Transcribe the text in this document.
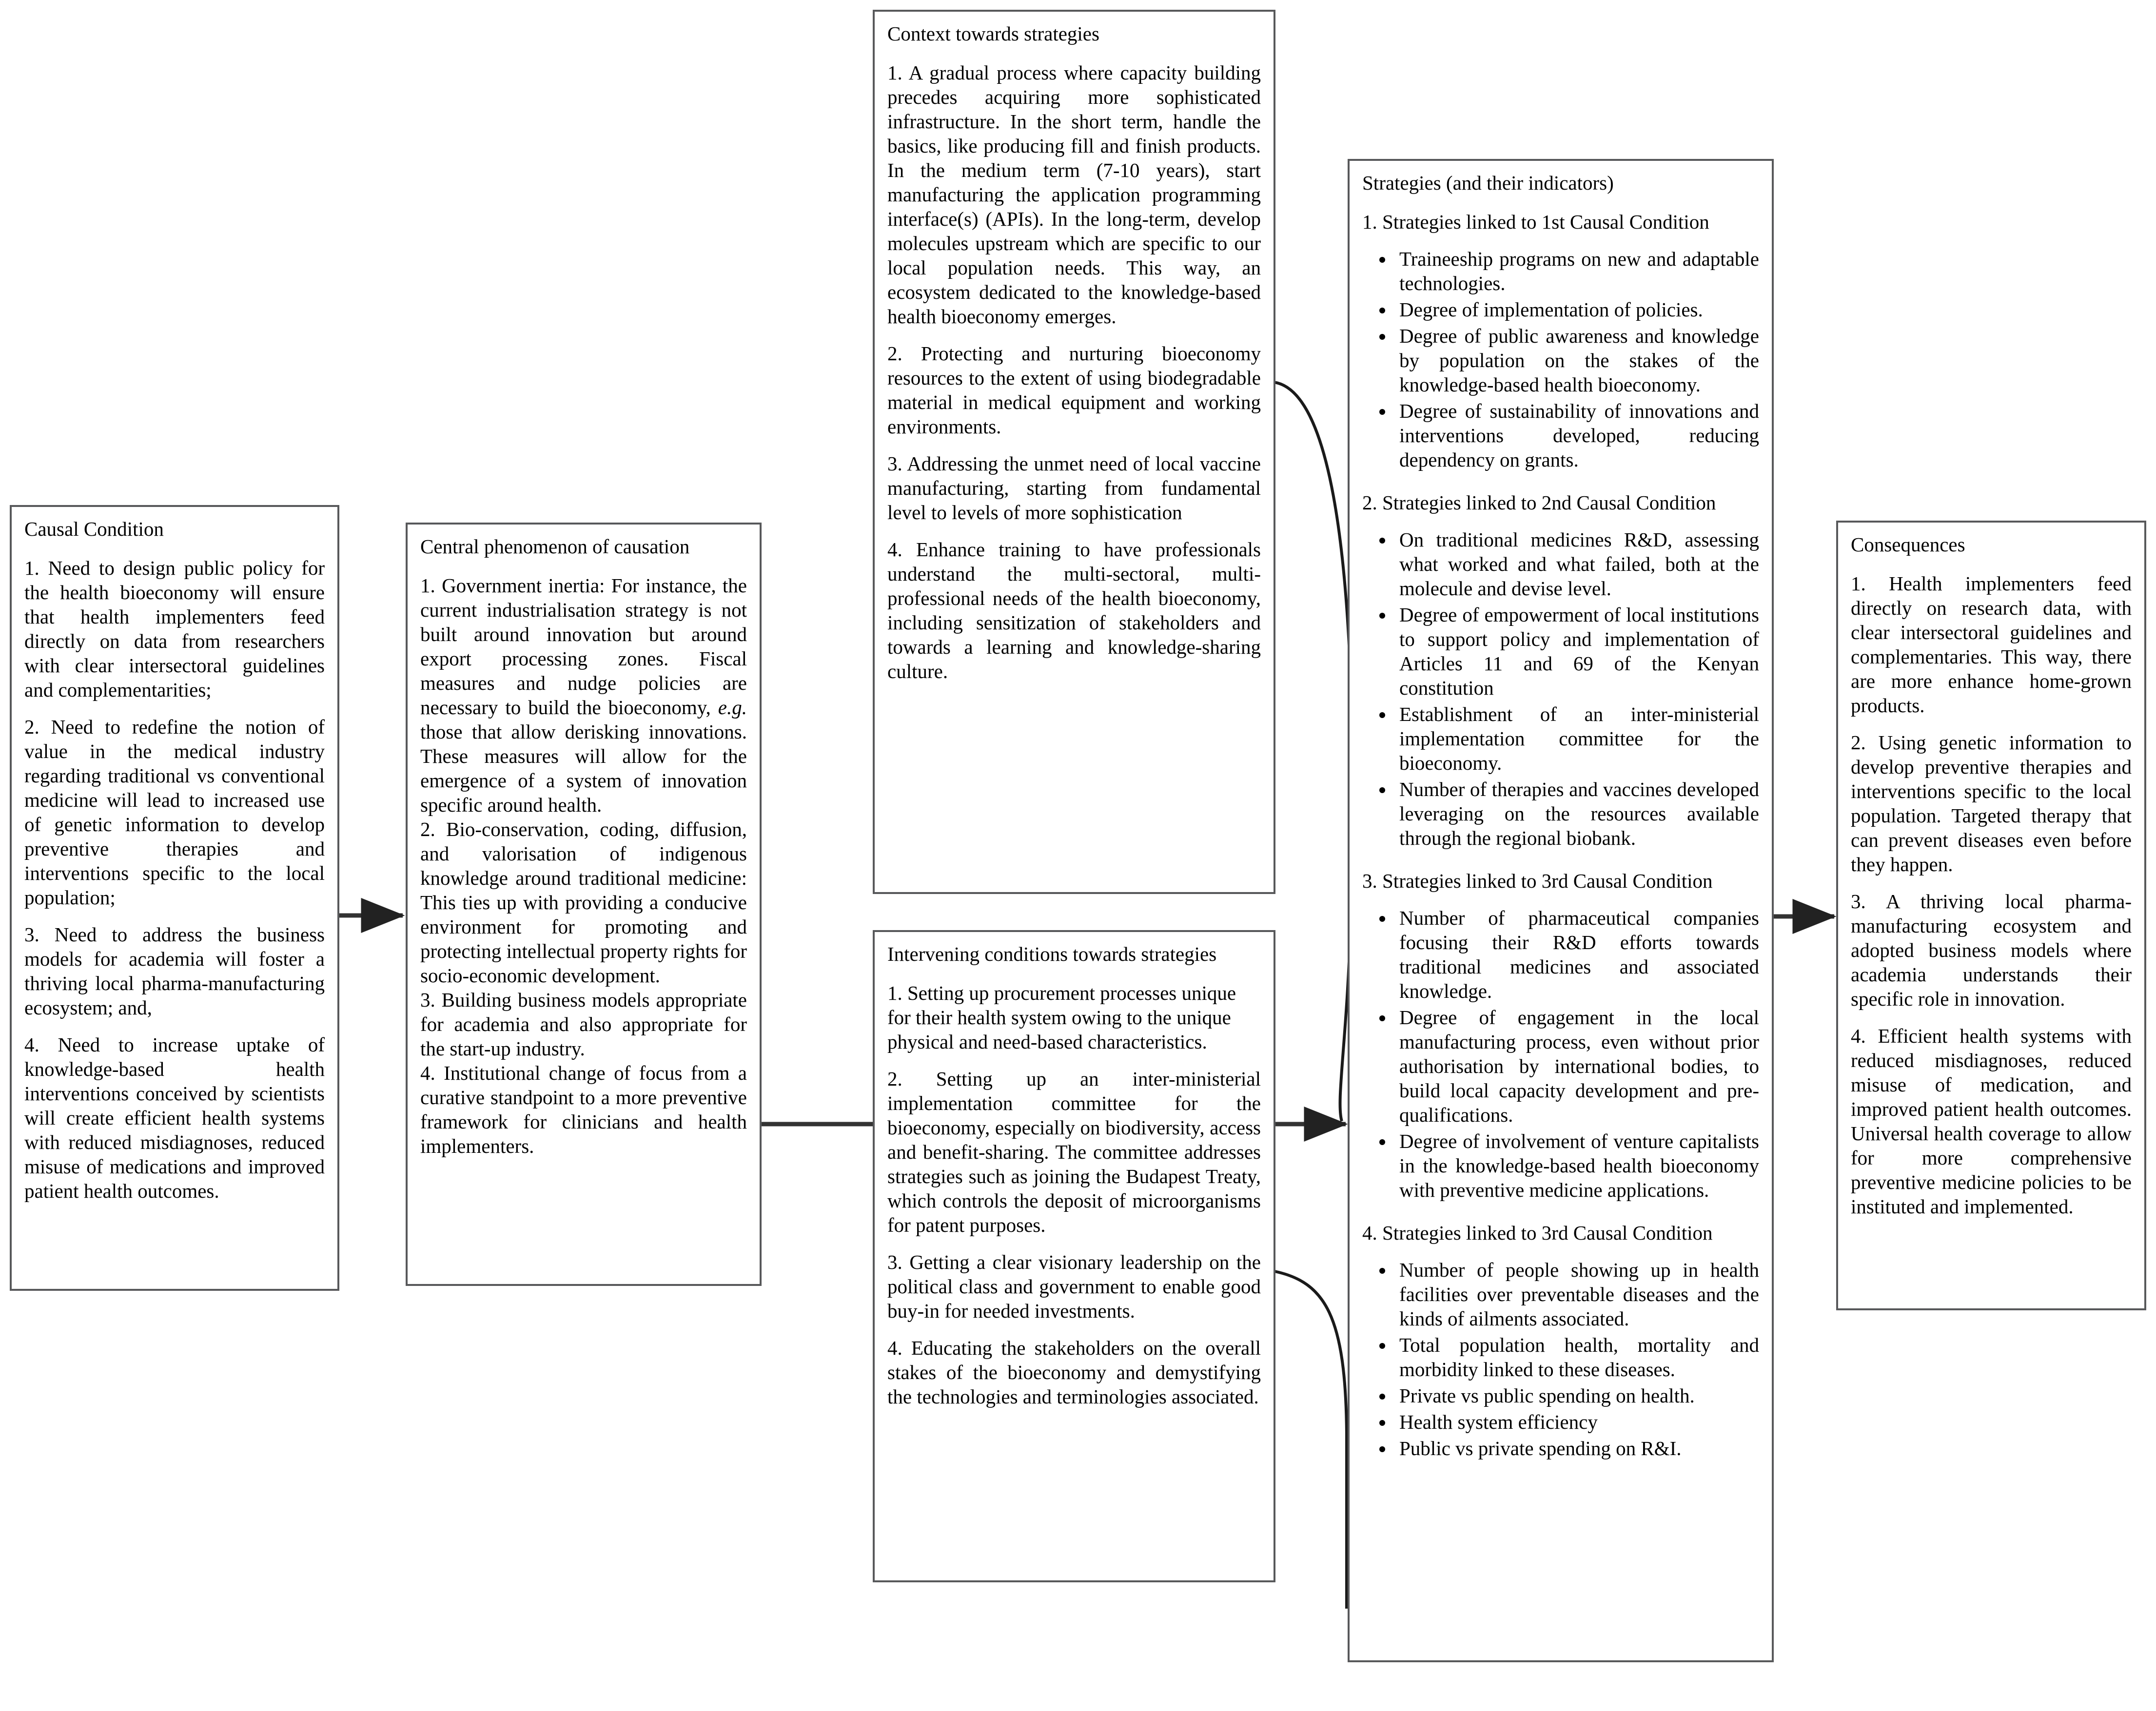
Causal Condition

1. Need to design public policy for the health bioeconomy will ensure that health implementers feed directly on data from researchers with clear intersectoral guidelines and complementarities;

2. Need to redefine the notion of value in the medical industry regarding traditional vs conventional medicine will lead to increased use of genetic information to develop preventive therapies and interventions specific to the local population;

3. Need to address the business models for academia will foster a thriving local pharma-manufacturing ecosystem; and,

4. Need to increase uptake of knowledge-based health interventions conceived by scientists will create efficient health systems with reduced misdiagnoses, reduced misuse of medications and improved patient health outcomes.

Central phenomenon of causation

1. Government inertia: For instance, the current industrialisation strategy is not built around innovation but around export processing zones. Fiscal measures and nudge policies are necessary to build the bioeconomy, e.g. those that allow derisking innovations. These measures will allow for the emergence of a system of innovation specific around health.

2. Bio-conservation, coding, diffusion, and valorisation of indigenous knowledge around traditional medicine: This ties up with providing a conducive environment for promoting and protecting intellectual property rights for socio-economic development.

3. Building business models appropriate for academia and also appropriate for the start-up industry.

4. Institutional change of focus from a curative standpoint to a more preventive framework for clinicians and health implementers.

Context towards strategies

1. A gradual process where capacity building precedes acquiring more sophisticated infrastructure. In the short term, handle the basics, like producing fill and finish products. In the medium term (7-10 years), start manufacturing the application programming interface(s) (APIs). In the long-term, develop molecules upstream which are specific to our local population needs. This way, an ecosystem dedicated to the knowledge-based health bioeconomy emerges.

2. Protecting and nurturing bioeconomy resources to the extent of using biodegradable material in medical equipment and working environments.

3. Addressing the unmet need of local vaccine manufacturing, starting from fundamental level to levels of more sophistication

4. Enhance training to have professionals understand the multi-sectoral, multi-professional needs of the health bioeconomy, including sensitization of stakeholders and towards a learning and knowledge-sharing culture.

Intervening conditions towards strategies

1. Setting up procurement processes unique for their health system owing to the unique physical and need-based characteristics.

2. Setting up an inter-ministerial implementation committee for the bioeconomy, especially on biodiversity, access and benefit-sharing. The committee addresses strategies such as joining the Budapest Treaty, which controls the deposit of microorganisms for patent purposes.

3. Getting a clear visionary leadership on the political class and government to enable good buy-in for needed investments.

4. Educating the stakeholders on the overall stakes of the bioeconomy and demystifying the technologies and terminologies associated.

Strategies (and their indicators)

1. Strategies linked to 1st Causal Condition

• Traineeship programs on new and adaptable technologies.
• Degree of implementation of policies.
• Degree of public awareness and knowledge by population on the stakes of the knowledge-based health bioeconomy.
• Degree of sustainability of innovations and interventions developed, reducing dependency on grants.

2. Strategies linked to 2nd Causal Condition

• On traditional medicines R&D, assessing what worked and what failed, both at the molecule and devise level.
• Degree of empowerment of local institutions to support policy and implementation of Articles 11 and 69 of the Kenyan constitution
• Establishment of an inter-ministerial implementation committee for the bioeconomy.
• Number of therapies and vaccines developed leveraging on the resources available through the regional biobank.

3. Strategies linked to 3rd Causal Condition

• Number of pharmaceutical companies focusing their R&D efforts towards traditional medicines and associated knowledge.
• Degree of engagement in the local manufacturing process, even without prior authorisation by international bodies, to build local capacity development and pre-qualifications.
• Degree of involvement of venture capitalists in the knowledge-based health bioeconomy with preventive medicine applications.

4. Strategies linked to 3rd Causal Condition

• Number of people showing up in health facilities over preventable diseases and the kinds of ailments associated.
• Total population health, mortality and morbidity linked to these diseases.
• Private vs public spending on health.
• Health system efficiency
• Public vs private spending on R&I.
Consequences

1. Health implementers feed directly on research data, with clear intersectoral guidelines and complementaries. This way, there are more enhance home-grown products.

2. Using genetic information to develop preventive therapies and interventions specific to the local population. Targeted therapy that can prevent diseases even before they happen.

3. A thriving local pharma-manufacturing ecosystem and adopted business models where academia understands their specific role in innovation.

4. Efficient health systems with reduced misdiagnoses, reduced misuse of medication, and improved patient health outcomes. Universal health coverage to allow for more comprehensive preventive medicine policies to be instituted and implemented.
